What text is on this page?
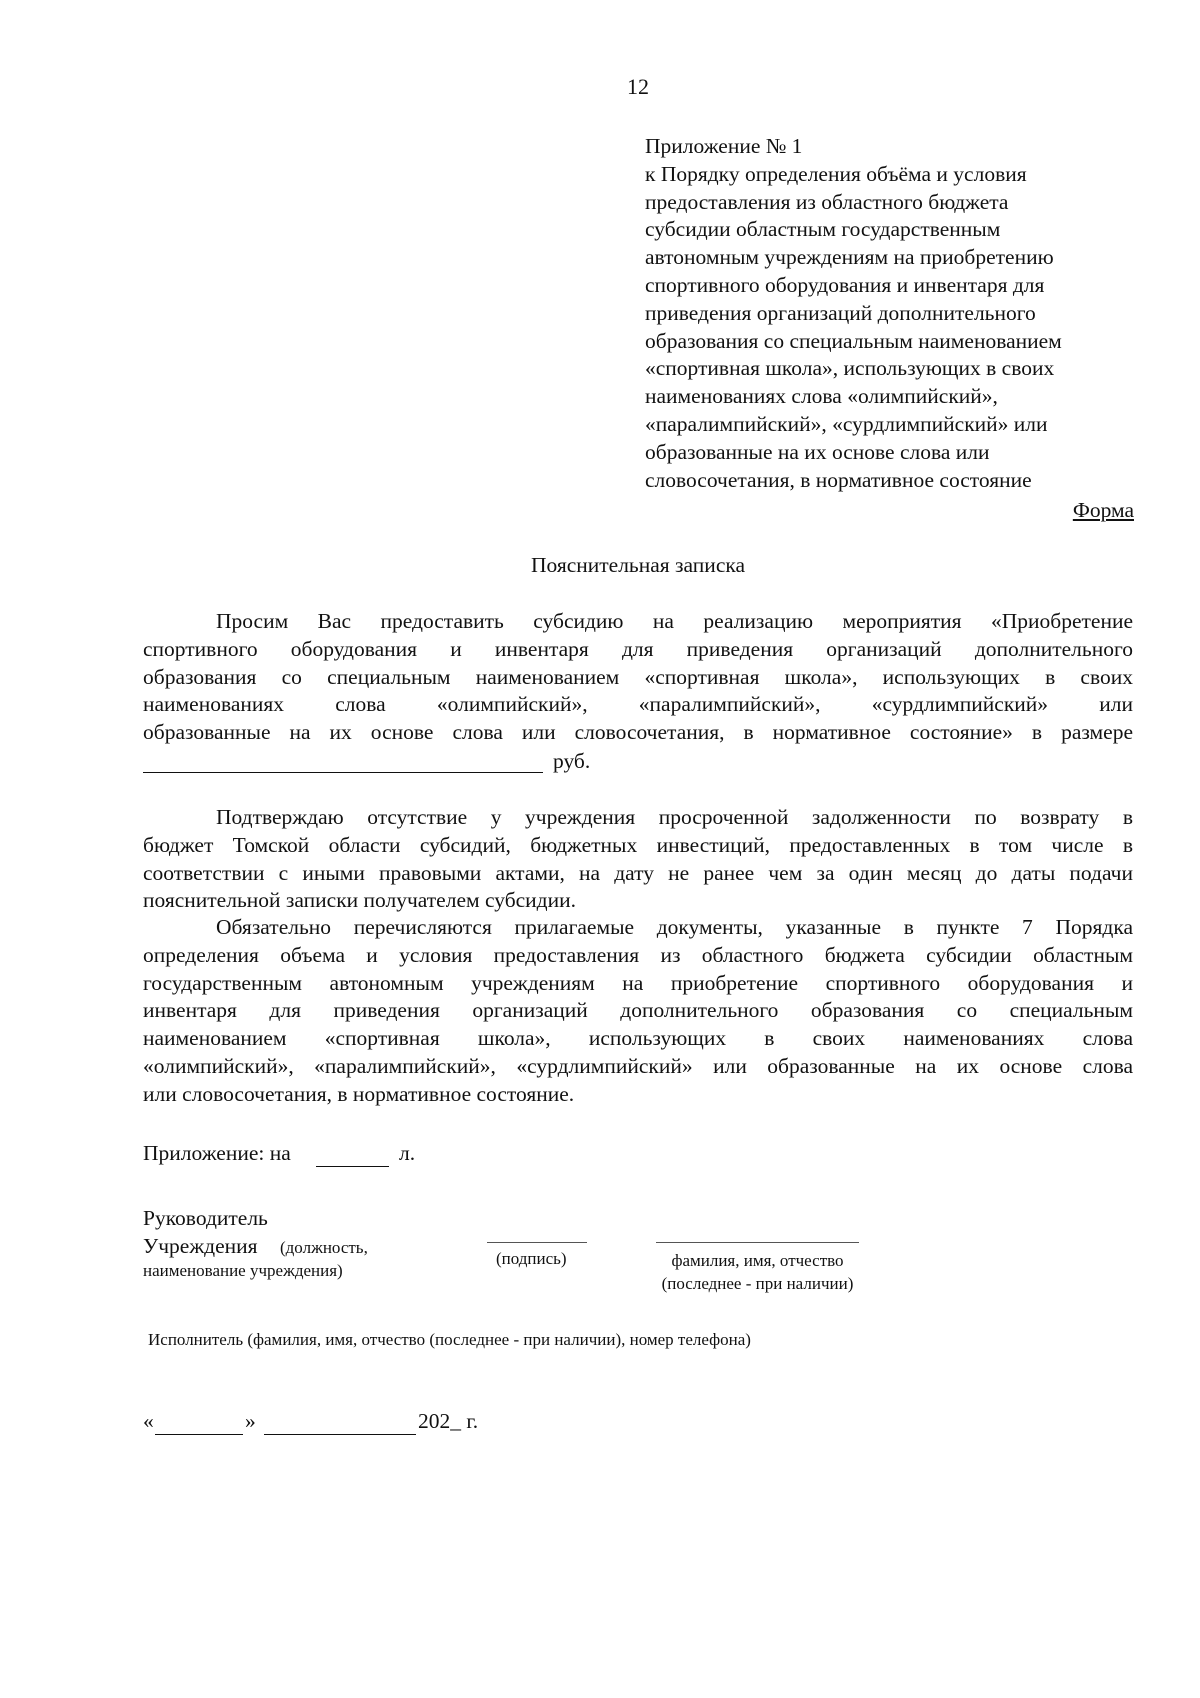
12
Приложение № 1
к Порядку определения объёма и условия
предоставления из областного бюджета
субсидии областным государственным
автономным учреждениям на приобретению
спортивного оборудования и инвентаря для
приведения организаций дополнительного
образования со специальным наименованием
«спортивная школа», использующих в своих
наименованиях слова «олимпийский»,
«паралимпийский», «сурдлимпийский» или
образованные на их основе слова или
словосочетания, в нормативное состояние
Форма
Пояснительная записка
Просим Вас предоставить субсидию на реализацию мероприятия «Приобретение
спортивного оборудования и инвентаря для приведения организаций дополнительного
образования со специальным наименованием «спортивная школа», использующих в своих
наименованиях слова «олимпийский», «паралимпийский», «сурдлимпийский» или
образованные на их основе слова или словосочетания, в нормативное состояние» в размере
руб.
Подтверждаю отсутствие у учреждения просроченной задолженности по возврату в
бюджет Томской области субсидий, бюджетных инвестиций, предоставленных в том числе в
соответствии с иными правовыми актами, на дату не ранее чем за один месяц до даты подачи
пояснительной записки получателем субсидии.
Обязательно перечисляются прилагаемые документы, указанные в пункте 7 Порядка
определения объема и условия предоставления из областного бюджета субсидии областным
государственным автономным учреждениям на приобретение спортивного оборудования и
инвентаря для приведения организаций дополнительного образования со специальным
наименованием «спортивная школа», использующих в своих наименованиях слова
«олимпийский», «паралимпийский», «сурдлимпийский» или образованные на их основе слова
или словосочетания, в нормативное состояние.
Приложение: на	л.
Руководитель
Учреждения (должность,
наименование учреждения)
(подпись)	фамилия, имя, отчество
(последнее - при наличии)
Исполнитель (фамилия, имя, отчество (последнее - при наличии), номер телефона)
«	»	202_ г.
